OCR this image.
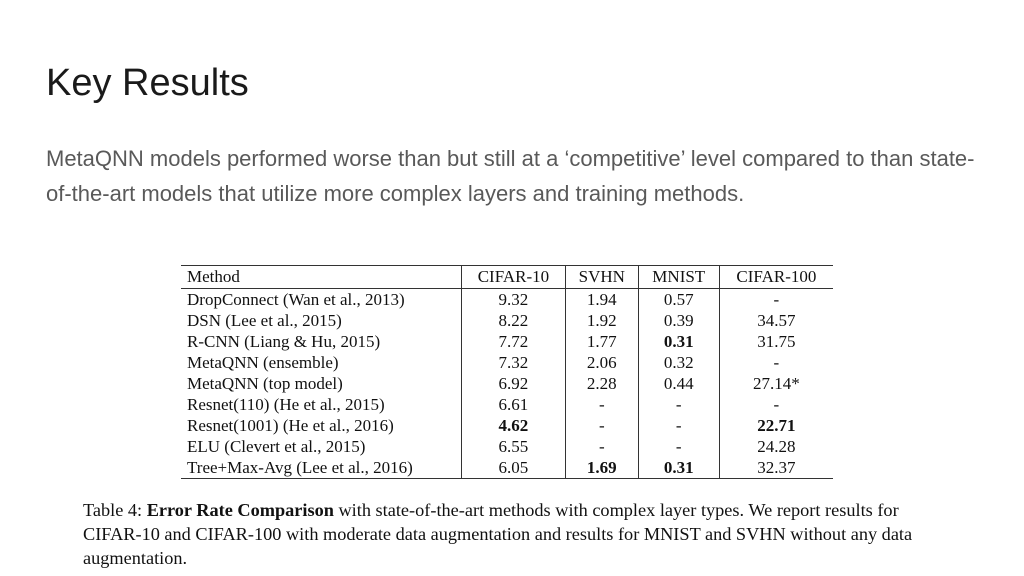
Key Results
MetaQNN models performed worse than but still at a ‘competitive’ level compared to than state-of-the-art models that utilize more complex layers and training methods.
Method	CIFAR-10	SVHN	MNIST	CIFAR-100
DropConnect (Wan et al., 2013)	9.32	1.94	0.57	-
DSN (Lee et al., 2015)	8.22	1.92	0.39	34.57
R-CNN (Liang & Hu, 2015)	7.72	1.77	0.31	31.75
MetaQNN (ensemble)	7.32	2.06	0.32	-
MetaQNN (top model)	6.92	2.28	0.44	27.14*
Resnet(110) (He et al., 2015)	6.61	-	-	-
Resnet(1001) (He et al., 2016)	4.62	-	-	22.71
ELU (Clevert et al., 2015)	6.55	-	-	24.28
Tree+Max-Avg (Lee et al., 2016)	6.05	1.69	0.31	32.37
Table 4: Error Rate Comparison with state-of-the-art methods with complex layer types. We report results for CIFAR-10 and CIFAR-100 with moderate data augmentation and results for MNIST and SVHN without any data augmentation.
